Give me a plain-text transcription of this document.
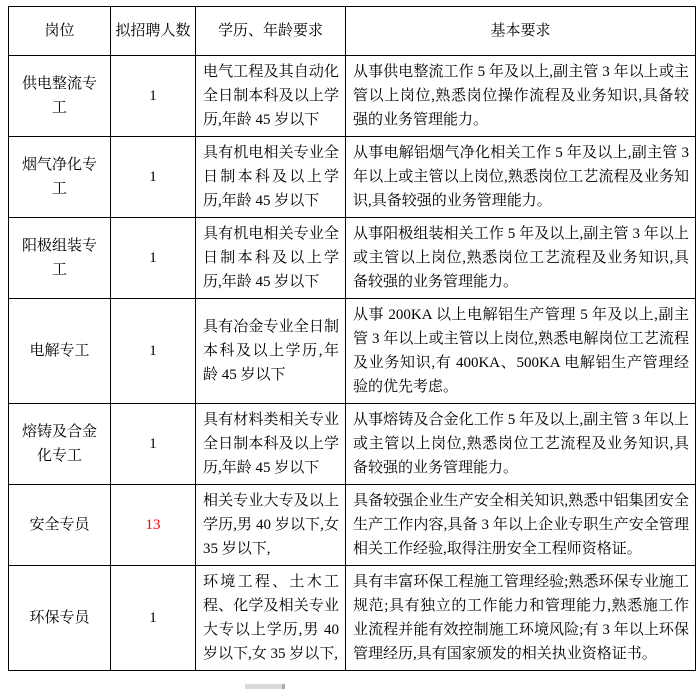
岗位	拟招聘人数	学历、年龄要求	基本要求
供电整流专工	1	电气工程及其自动化全日制本科及以上学历,年龄 45 岁以下	从事供电整流工作 5 年及以上,副主管 3 年以上或主管以上岗位,熟悉岗位操作流程及业务知识,具备较强的业务管理能力。
烟气净化专工	1	具有机电相关专业全日制本科及以上学历,年龄 45 岁以下	从事电解铝烟气净化相关工作 5 年及以上,副主管 3 年以上或主管以上岗位,熟悉岗位工艺流程及业务知识,具备较强的业务管理能力。
阳极组装专工	1	具有机电相关专业全日制本科及以上学历,年龄 45 岁以下	从事阳极组装相关工作 5 年及以上,副主管 3 年以上或主管以上岗位,熟悉岗位工艺流程及业务知识,具备较强的业务管理能力。
电解专工	1	具有冶金专业全日制本科及以上学历,年龄 45 岁以下	从事 200KA 以上电解铝生产管理 5 年及以上,副主管 3 年以上或主管以上岗位,熟悉电解岗位工艺流程及业务知识,有 400KA、500KA 电解铝生产管理经验的优先考虑。
熔铸及合金化专工	1	具有材料类相关专业全日制本科及以上学历,年龄 45 岁以下	从事熔铸及合金化工作 5 年及以上,副主管 3 年以上或主管以上岗位,熟悉岗位工艺流程及业务知识,具备较强的业务管理能力。
安全专员	13	相关专业大专及以上学历,男 40 岁以下,女 35 岁以下,	具备较强企业生产安全相关知识,熟悉中铝集团安全生产工作内容,具备 3 年以上企业专职生产安全管理相关工作经验,取得注册安全工程师资格证。
环保专员	1	环境工程、土木工程、化学及相关专业大专以上学历,男 40 岁以下,女 35 岁以下,	具有丰富环保工程施工管理经验;熟悉环保专业施工规范;具有独立的工作能力和管理能力,熟悉施工作业流程并能有效控制施工环境风险;有 3 年以上环保管理经历,具有国家颁发的相关执业资格证书。
